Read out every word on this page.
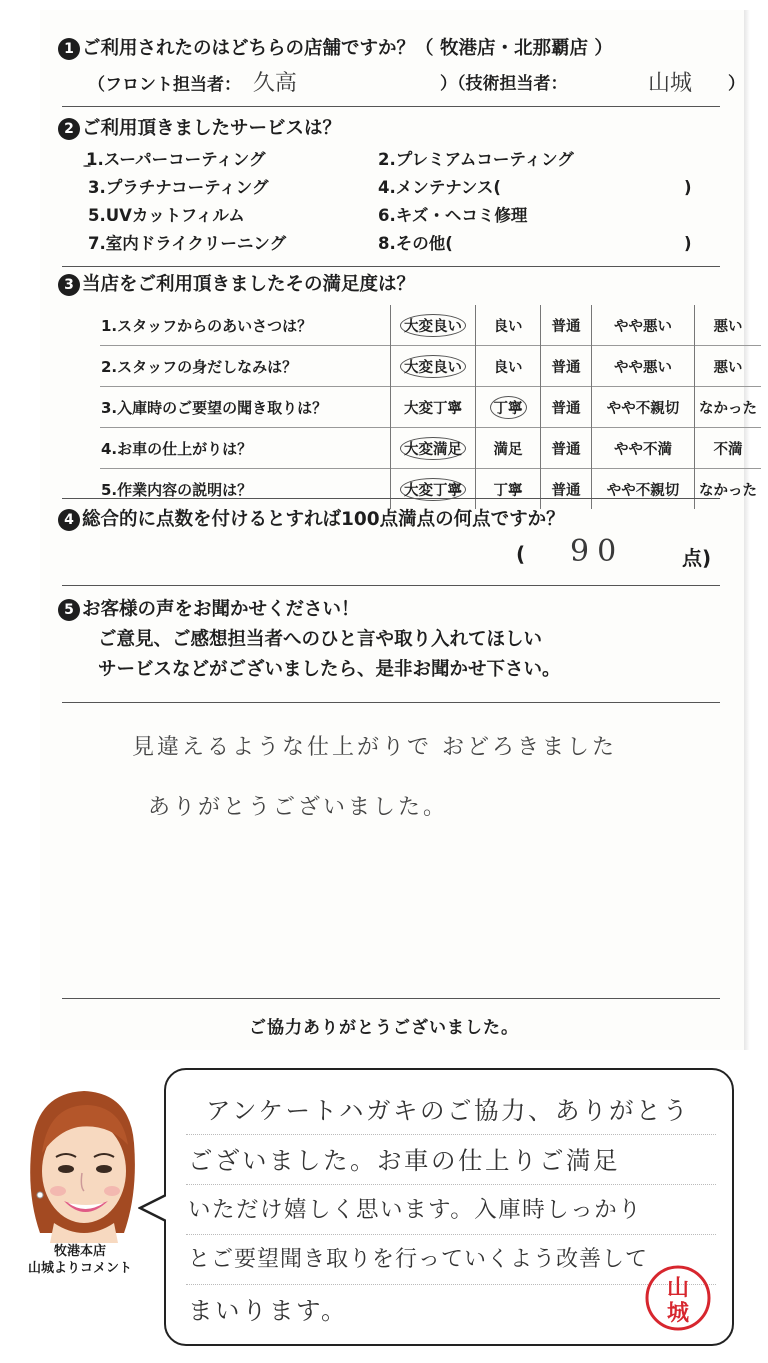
1 ご利用されたのはどちらの店舗ですか？（ 牧港店・北那覇店 ）
（フロント担当者： 久高	）（技術担当者：	山城 ）
2 ご利用頂きましたサービスは？
1.スーパーコーティング	2.プレミアムコーティング
3.プラチナコーティング	4.メンテナンス(	)
5.UVカットフィルム	6.キズ・ヘコミ修理
7.室内ドライクリーニング	8.その他(	)
3 当店をご利用頂きましたその満足度は？
1.スタッフからのあいさつは？	大変良い	良い	普通	やや悪い	悪い
2.スタッフの身だしなみは？	大変良い	良い	普通	やや悪い	悪い
3.入庫時のご要望の聞き取りは？	大変丁寧	丁寧	普通	やや不親切	なかった
4.お車の仕上がりは？	大変満足	満足	普通	やや不満	不満
5.作業内容の説明は？	大変丁寧	丁寧	普通	やや不親切	なかった
4 総合的に点数を付けるとすれば100点満点の何点ですか？
( 90	点)
5 お客様の声をお聞かせください！
ご意見、ご感想担当者へのひと言や取り入れてほしい
サービスなどがございましたら、是非お聞かせ下さい。
見違えるような仕上がりで おどろきました
ありがとうございました。
ご協力ありがとうございました。
牧港本店
山城よりコメント
アンケートハガキのご協力、ありがとう
ございました。お車の仕上りご満足
いただけ嬉しく思います。入庫時しっかり
とご要望聞き取りを行っていくよう改善して
まいります。
山
城
